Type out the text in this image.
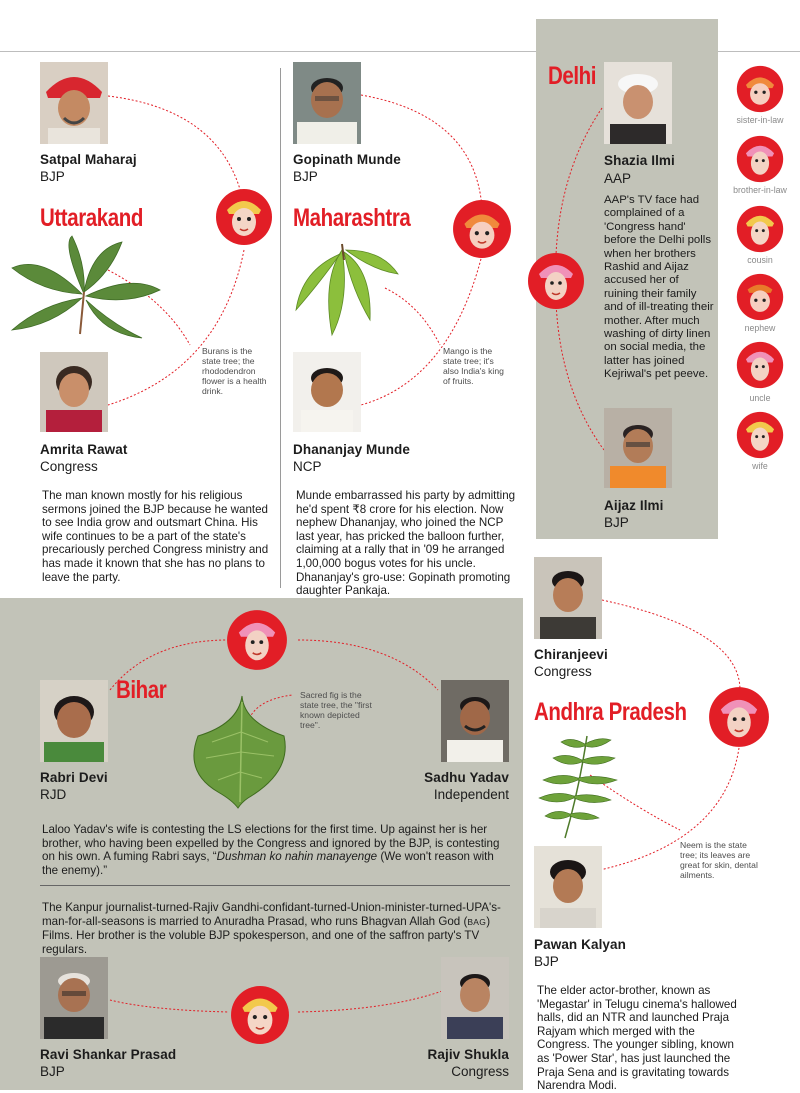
Satpal Maharaj
BJP
Uttarakand
Burans is the state tree; the rhododendron flower is a health drink.
Amrita Rawat
Congress
The man known mostly for his religious sermons joined the BJP because he wanted to see India grow and outsmart China. His wife continues to be a part of the state's precariously perched Congress ministry and has made it known that she has no plans to leave the party.
Gopinath Munde
BJP
Maharashtra
Mango is the state tree; it's also India's king of fruits.
Dhananjay Munde
NCP
Munde embarrassed his party by admitting he'd spent ₹8 crore for his election. Now nephew Dhananjay, who joined the NCP last year, has pricked the balloon further, claiming at a rally that in '09 he arranged 1,00,000 bogus votes for his uncle. Dhananjay's gro-use: Gopinath promoting daughter Pankaja.
Delhi
Shazia Ilmi
AAP
AAP's TV face had complained of a 'Congress hand' before the Delhi polls when her brothers Rashid and Aijaz accused her of ruining their family and of ill-treating their mother. After much washing of dirty linen on social media, the latter has joined Kejriwal's pet peeve.
Aijaz Ilmi
BJP
sister-in-law
brother-in-law
cousin
nephew
uncle
wife
Bihar	Sacred fig is the state tree, the "first known depicted tree".
Rabri Devi
RJD
Sadhu Yadav
Independent
Laloo Yadav's wife is contesting the LS elections for the first time. Up against her is her brother, who having been expelled by the Congress and ignored by the BJP, is contesting on his own. A fuming Rabri says, “Dushman ko nahin manayenge (We won't reason with the enemy).”
The Kanpur journalist-turned-Rajiv Gandhi-confidant-turned-Union-minister-turned-UPA's-man-for-all-seasons is married to Anuradha Prasad, who runs Bhagvan Allah God (BAG) Films. Her brother is the voluble BJP spokesperson, and one of the saffron party's TV regulars.
Ravi Shankar Prasad
BJP
Rajiv Shukla
Congress
Chiranjeevi
Congress
Andhra Pradesh
Neem is the state tree; its leaves are great for skin, dental ailments.
Pawan Kalyan
BJP
The elder actor-brother, known as 'Megastar' in Telugu cinema's hallowed halls, did an NTR and launched Praja Rajyam which merged with the Congress. The younger sibling, known as 'Power Star', has just launched the Praja Sena and is gravitating towards Narendra Modi.
